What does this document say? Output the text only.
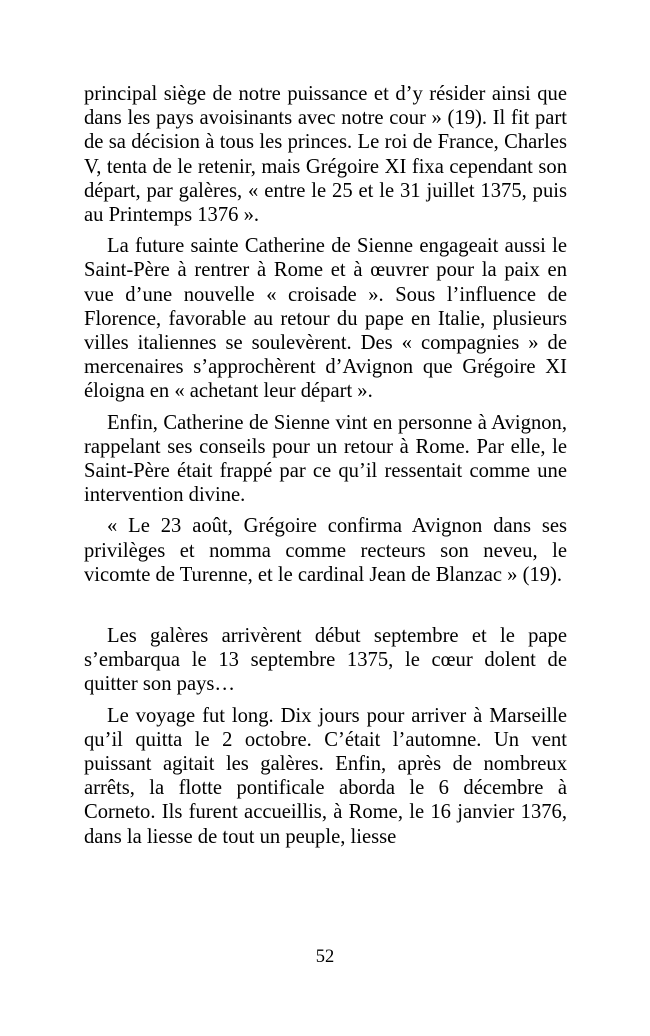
principal siège de notre puissance et d’y résider ainsi que dans les pays avoisinants avec notre cour » (19). Il fit part de sa décision à tous les princes. Le roi de France, Charles V, tenta de le retenir, mais Grégoire XI fixa cependant son départ, par galères, « entre le 25 et le 31 juillet 1375, puis au Printemps 1376 ».

La future sainte Catherine de Sienne engageait aussi le Saint-Père à rentrer à Rome et à œuvrer pour la paix en vue d’une nouvelle « croisade ». Sous l’influence de Florence, favorable au retour du pape en Italie, plusieurs villes italiennes se soulevèrent. Des « compagnies » de mercenaires s’approchèrent d’Avignon que Grégoire XI éloigna en « achetant leur départ ».

Enfin, Catherine de Sienne vint en personne à Avignon, rappelant ses conseils pour un retour à Rome. Par elle, le Saint-Père était frappé par ce qu’il ressentait comme une intervention divine.

« Le 23 août, Grégoire confirma Avignon dans ses privilèges et nomma comme recteurs son neveu, le vicomte de Turenne, et le cardinal Jean de Blanzac » (19).

Les galères arrivèrent début septembre et le pape s’embarqua le 13 septembre 1375, le cœur dolent de quitter son pays…

Le voyage fut long. Dix jours pour arriver à Marseille qu’il quitta le 2 octobre. C’était l’automne. Un vent puissant agitait les galères. Enfin, après de nombreux arrêts, la flotte pontificale aborda le 6 décembre à Corneto. Ils furent accueillis, à Rome, le 16 janvier 1376, dans la liesse de tout un peuple, liesse

52
